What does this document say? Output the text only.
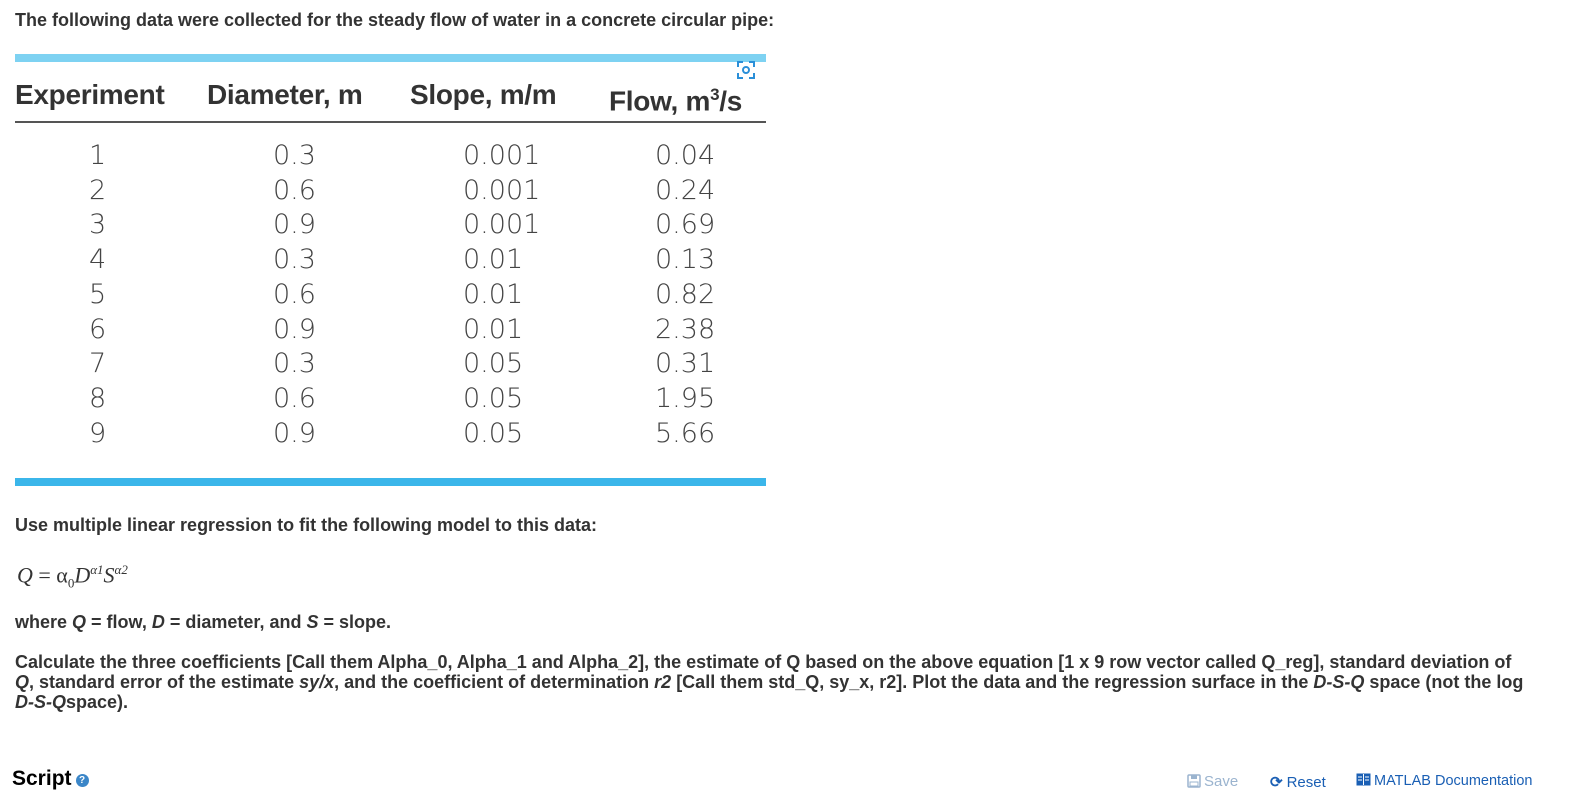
The following data were collected for the steady flow of water in a concrete circular pipe:
Experiment Diameter, m Slope, m/m Flow, $m^3/s$
1
2
3
4
5
6
7
8
9
0.3
0.6
0.9
0.3
0.6
0.9
0.3
0.6
0.9
0.001
0.001
0.001
0.01
0.01
0.01
0.05
0.05
0.05
0.04
0.24
0.69
0.13
0.82
2.38
0.31
1.95
5.66
Use multiple linear regression to fit the following model to this data:
$Q = \alpha_0D^{\alpha 1}S^{\alpha 2}$
where Q = flow, D = diameter, and S = slope.
Calculate the three coefficients [Call them Alpha_0, Alpha_1 and Alpha_2], the estimate of Q based on the above equation [1 x 9 row vector called Q_reg], standard deviation of Q, standard error of the estimate sy/x, and the coefficient of determination r2 [Call them std_Q, sy_x, r2]. Plot the data and the regression surface in the D-S-Q space (not the log D-S-Qspace).
Script ?	Save ⟳ Reset	MATLAB Documentation
